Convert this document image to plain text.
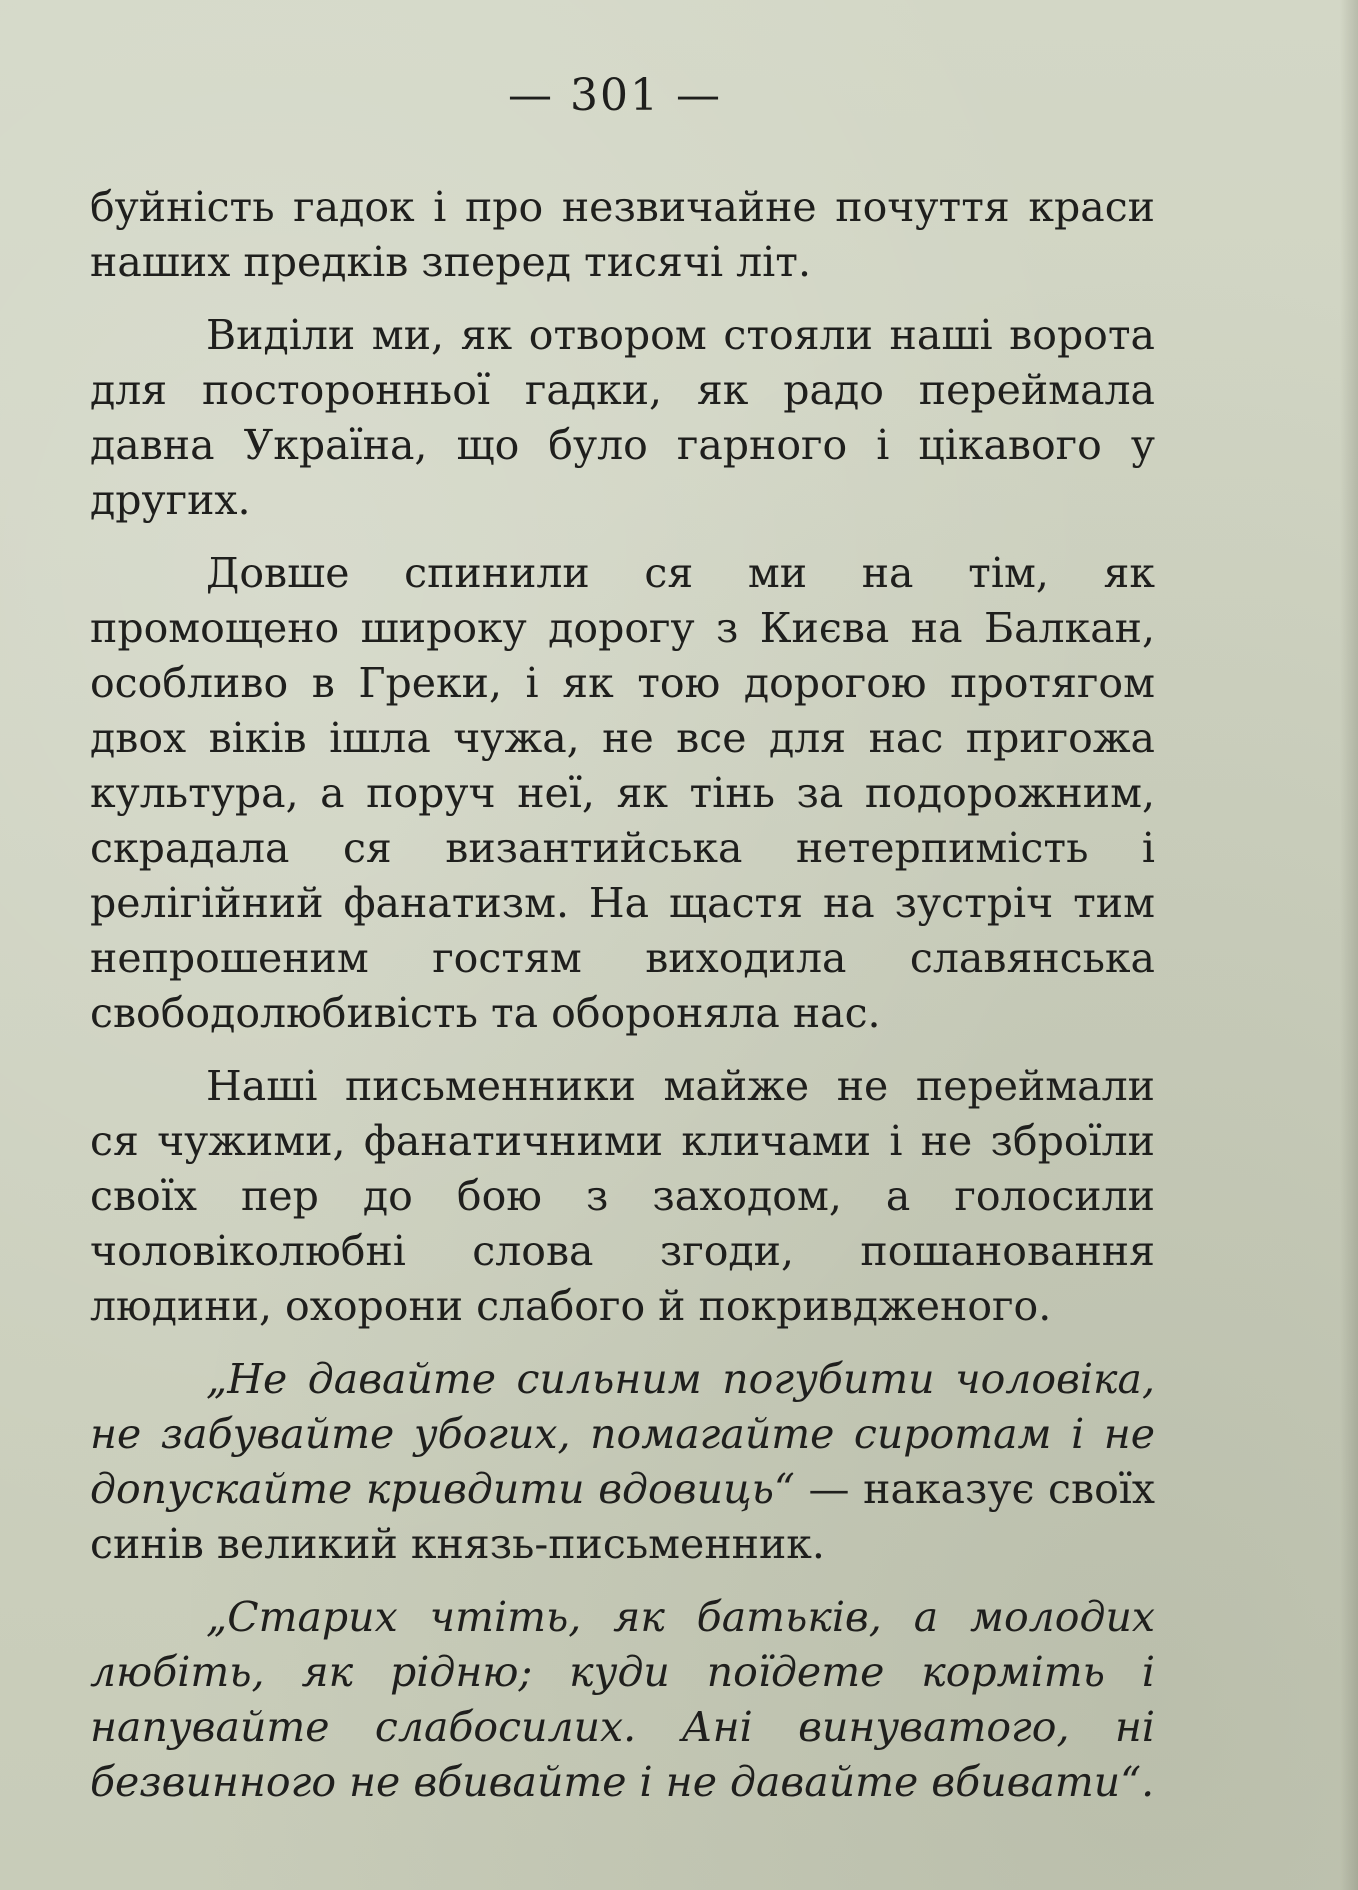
— 301 —

буйність гадок і про незвичайне почуття краси наших предків зперед тисячі літ.

Виділи ми, як отвором стояли наші ворота для посторонньої гадки, як радо переймала давна Україна, що було гарного і цікавого у других.

Довше спинили ся ми на тім, як промощено широку дорогу з Києва на Балкан, особливо в Греки, і як тою дорогою протягом двох віків ішла чужа, не все для нас пригожа культура, а поруч неї, як тінь за подорожним, скрадала ся византийська нетерпимість і релігійний фанатизм. На щастя на зустріч тим непрошеним гостям виходила славянська свободолюбивість та обороняла нас.

Наші письменники майже не переймали ся чужими, фанатичними кличами і не зброїли своїх пер до бою з заходом, а голосили чоловіколюбні слова згоди, пошановання людини, охорони слабого й покривдженого.

„Не давайте сильним погубити чоловіка, не забувайте убогих, помагайте сиротам і не допускайте кривдити вдовиць“ — наказує своїх синів великий князь-письменник.

„Старих чтіть, як батьків, а молодих любіть, як рідню; куди поїдете корміть і напувайте слабосилих. Ані винуватого, ні безвинного не вбивайте і не давайте вбивати“.
